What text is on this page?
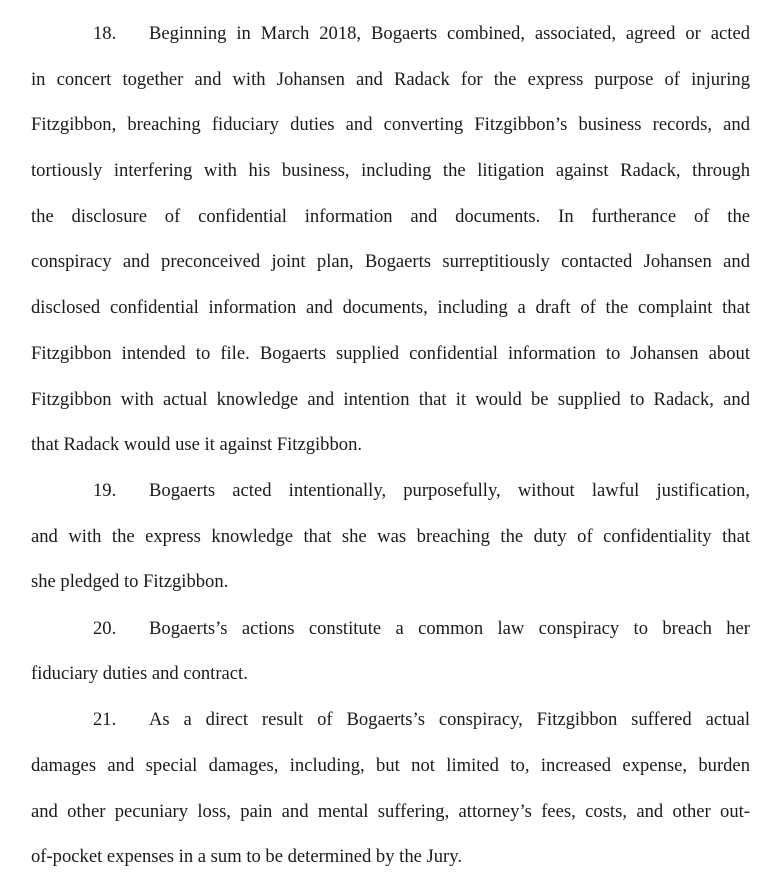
18. Beginning in March 2018, Bogaerts combined, associated, agreed or acted
in concert together and with Johansen and Radack for the express purpose of injuring
Fitzgibbon, breaching fiduciary duties and converting Fitzgibbon’s business records, and
tortiously interfering with his business, including the litigation against Radack, through
the disclosure of confidential information and documents. In furtherance of the
conspiracy and preconceived joint plan, Bogaerts surreptitiously contacted Johansen and
disclosed confidential information and documents, including a draft of the complaint that
Fitzgibbon intended to file. Bogaerts supplied confidential information to Johansen about
Fitzgibbon with actual knowledge and intention that it would be supplied to Radack, and
that Radack would use it against Fitzgibbon.
19. Bogaerts acted intentionally, purposefully, without lawful justification,
and with the express knowledge that she was breaching the duty of confidentiality that
she pledged to Fitzgibbon.
20. Bogaerts’s actions constitute a common law conspiracy to breach her
fiduciary duties and contract.
21. As a direct result of Bogaerts’s conspiracy, Fitzgibbon suffered actual
damages and special damages, including, but not limited to, increased expense, burden
and other pecuniary loss, pain and mental suffering, attorney’s fees, costs, and other out-
of-pocket expenses in a sum to be determined by the Jury.
